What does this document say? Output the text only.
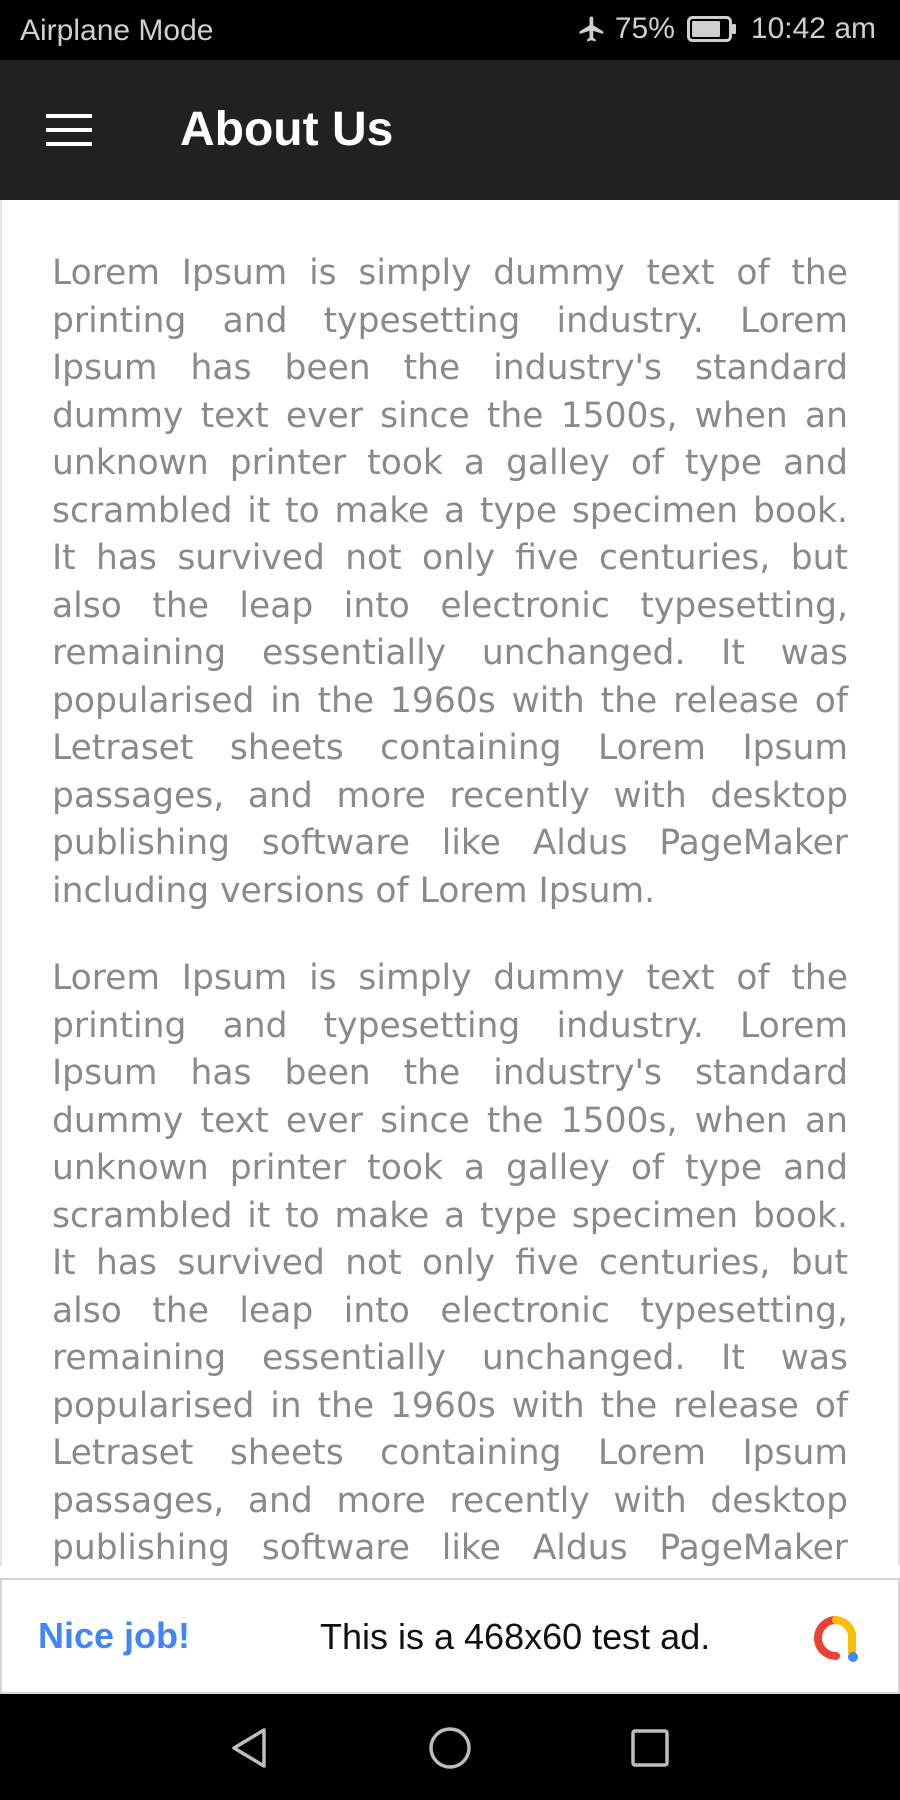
Airplane Mode	75%	10:42 am
About Us

Lorem Ipsum is simply dummy text of the printing and typesetting industry. Lorem Ipsum has been the industry's standard dummy text ever since the 1500s, when an unknown printer took a galley of type and scrambled it to make a type specimen book. It has survived not only five centuries, but also the leap into electronic typesetting, remaining essentially unchanged. It was popularised in the 1960s with the release of Letraset sheets containing Lorem Ipsum passages, and more recently with desktop publishing software like Aldus PageMaker including versions of Lorem Ipsum.

Lorem Ipsum is simply dummy text of the printing and typesetting industry. Lorem Ipsum has been the industry's standard dummy text ever since the 1500s, when an unknown printer took a galley of type and scrambled it to make a type specimen book. It has survived not only five centuries, but also the leap into electronic typesetting, remaining essentially unchanged. It was popularised in the 1960s with the release of Letraset sheets containing Lorem Ipsum passages, and more recently with desktop publishing software like Aldus PageMaker

Nice job!	This is a 468x60 test ad.
